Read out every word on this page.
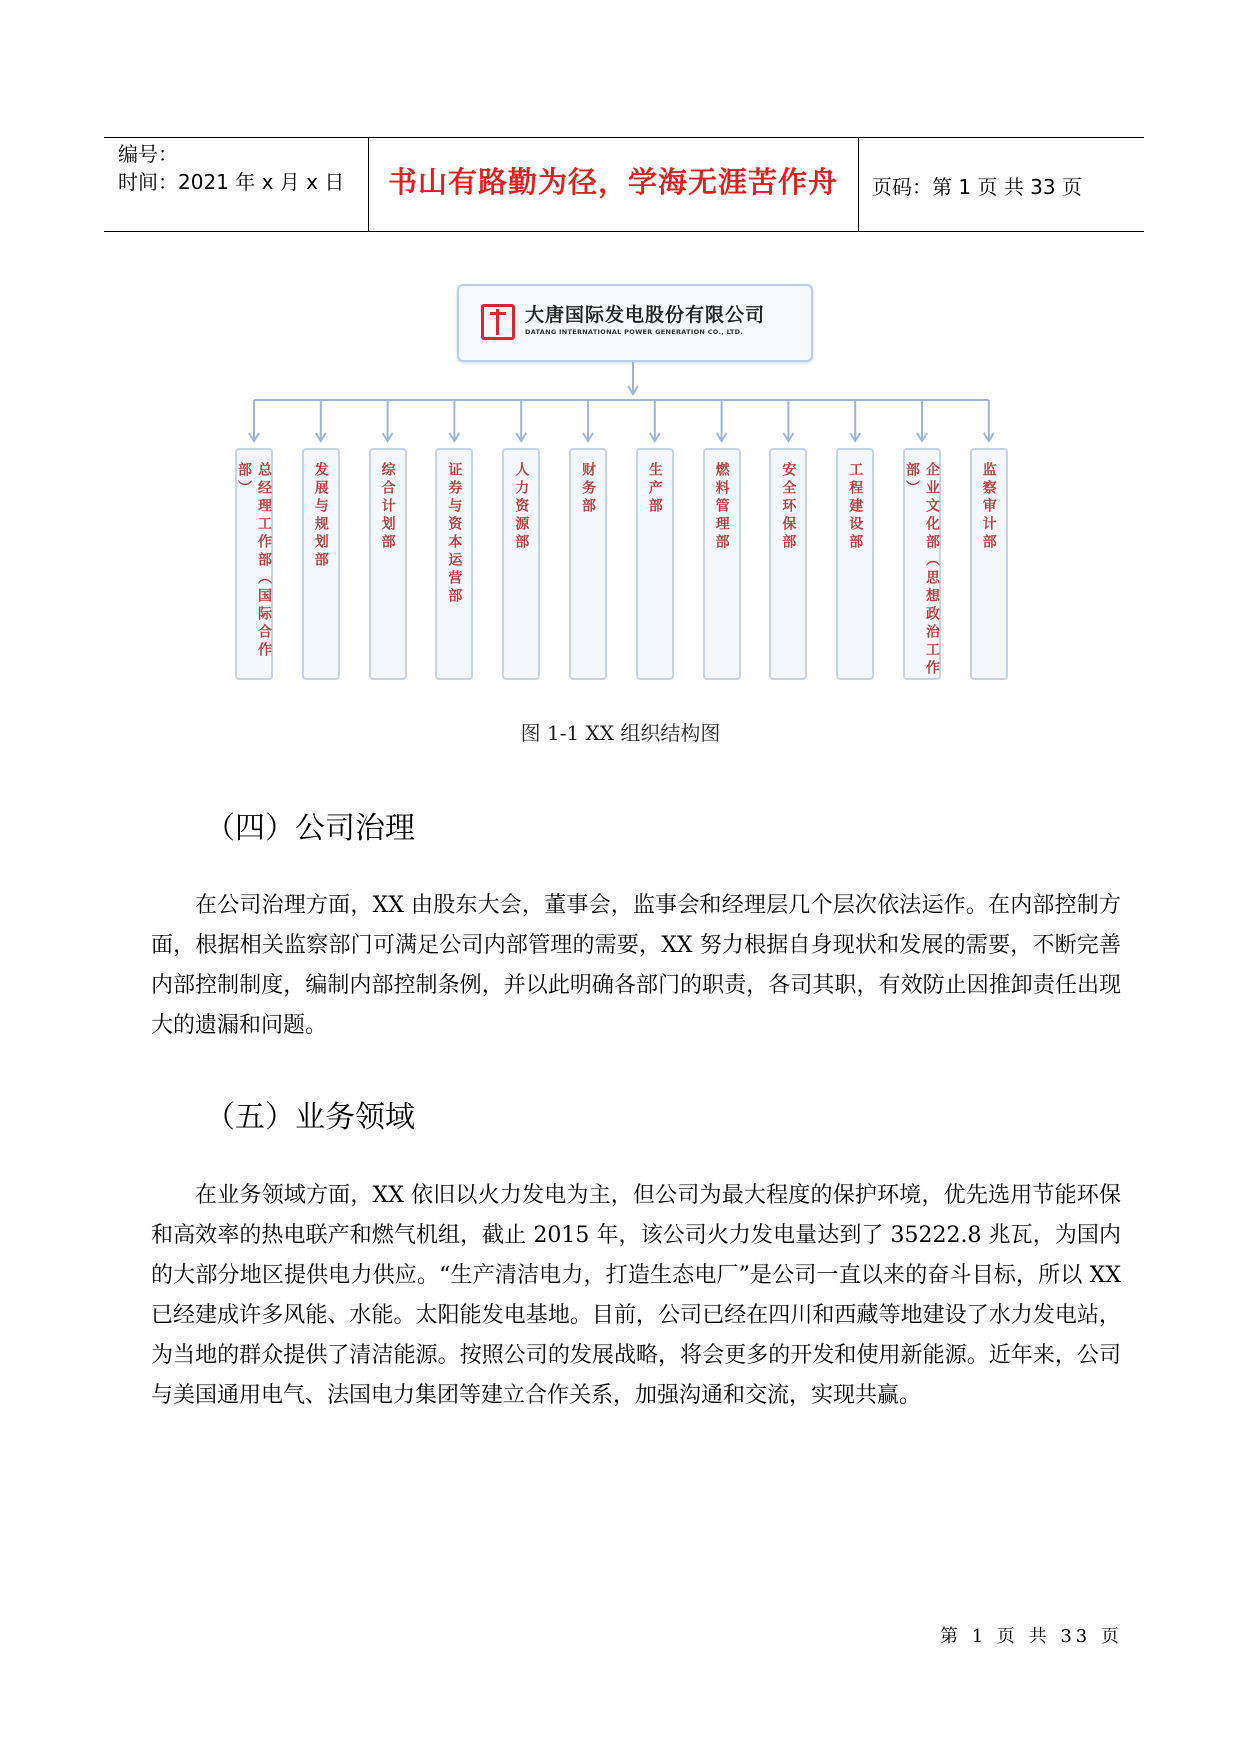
编号：
时间：2021 年 x 月 x 日	书山有路勤为径，学海无涯苦作舟	页码：第 1 页 共 33 页
大唐国际发电股份有限公司
DATANG INTERNATIONAL POWER GENERATION CO., LTD.
总经理工作部（国际合作部）	发展与规划部	综合计划部	证券与资本运营部	人力资源部	财务部	生产部	燃料管理部	安全环保部	工程建设部	企业文化部（思想政治工作部）	监察审计部
图 1-1 XX 组织结构图
（四）公司治理
在公司治理方面，XX 由股东大会，董事会，监事会和经理层几个层次依法运作。在内部控制方面，根据相关监察部门可满足公司内部管理的需要，XX 努力根据自身现状和发展的需要，不断完善内部控制制度，编制内部控制条例，并以此明确各部门的职责，各司其职，有效防止因推卸责任出现大的遗漏和问题。
（五）业务领域
在业务领域方面，XX 依旧以火力发电为主，但公司为最大程度的保护环境，优先选用节能环保和高效率的热电联产和燃气机组，截止 2015 年，该公司火力发电量达到了 35222.8 兆瓦，为国内的大部分地区提供电力供应。“生产清洁电力，打造生态电厂”是公司一直以来的奋斗目标，所以 XX 已经建成许多风能、水能。太阳能发电基地。目前，公司已经在四川和西藏等地建设了水力发电站，为当地的群众提供了清洁能源。按照公司的发展战略，将会更多的开发和使用新能源。近年来，公司与美国通用电气、法国电力集团等建立合作关系，加强沟通和交流，实现共赢。
第 1 页 共 33 页
